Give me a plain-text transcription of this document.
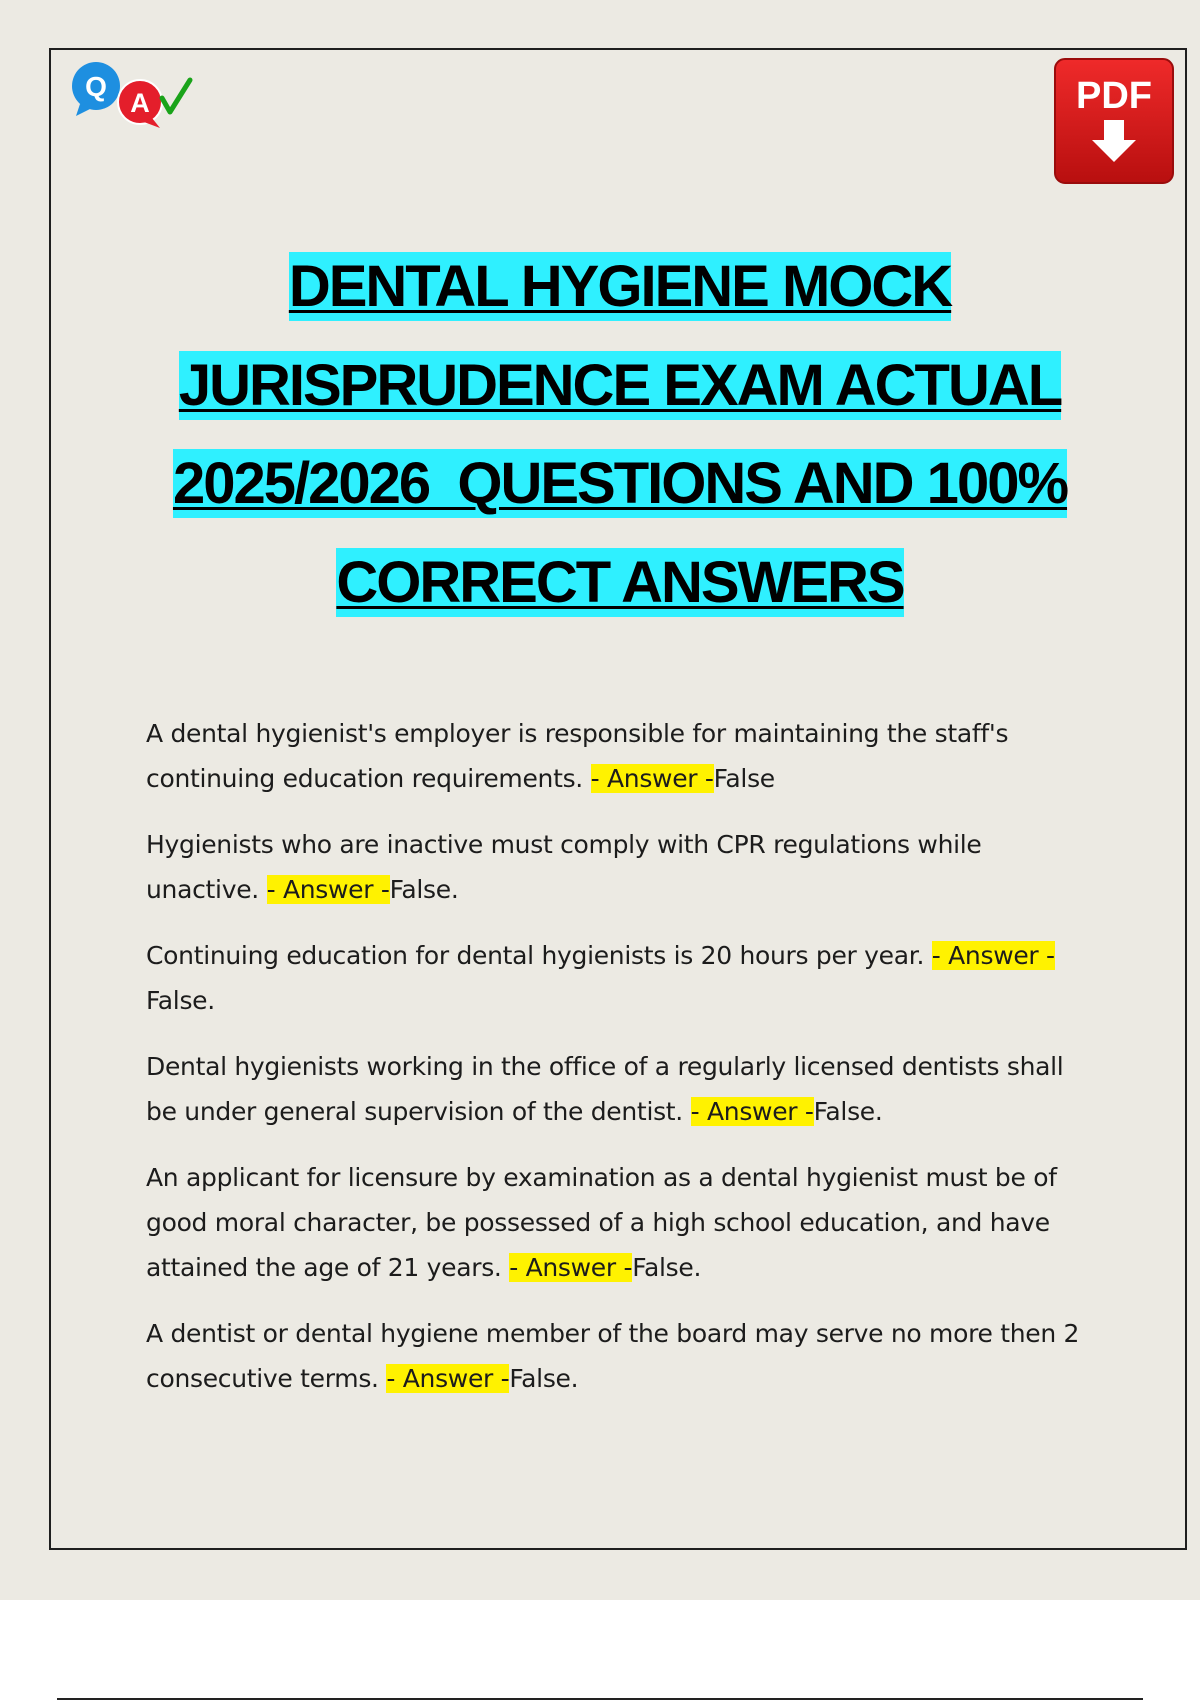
Q
A	PDF
DENTAL HYGIENE MOCK
JURISPRUDENCE EXAM ACTUAL
2025/2026  QUESTIONS AND 100%
CORRECT ANSWERS

A dental hygienist's employer is responsible for maintaining the staff's continuing education requirements. - Answer -False

Hygienists who are inactive must comply with CPR regulations while unactive. - Answer -False.

Continuing education for dental hygienists is 20 hours per year. - Answer -False.

Dental hygienists working in the office of a regularly licensed dentists shall be under general supervision of the dentist. - Answer -False.

An applicant for licensure by examination as a dental hygienist must be of good moral character, be possessed of a high school education, and have attained the age of 21 years. - Answer -False.

A dentist or dental hygiene member of the board may serve no more then 2 consecutive terms. - Answer -False.
